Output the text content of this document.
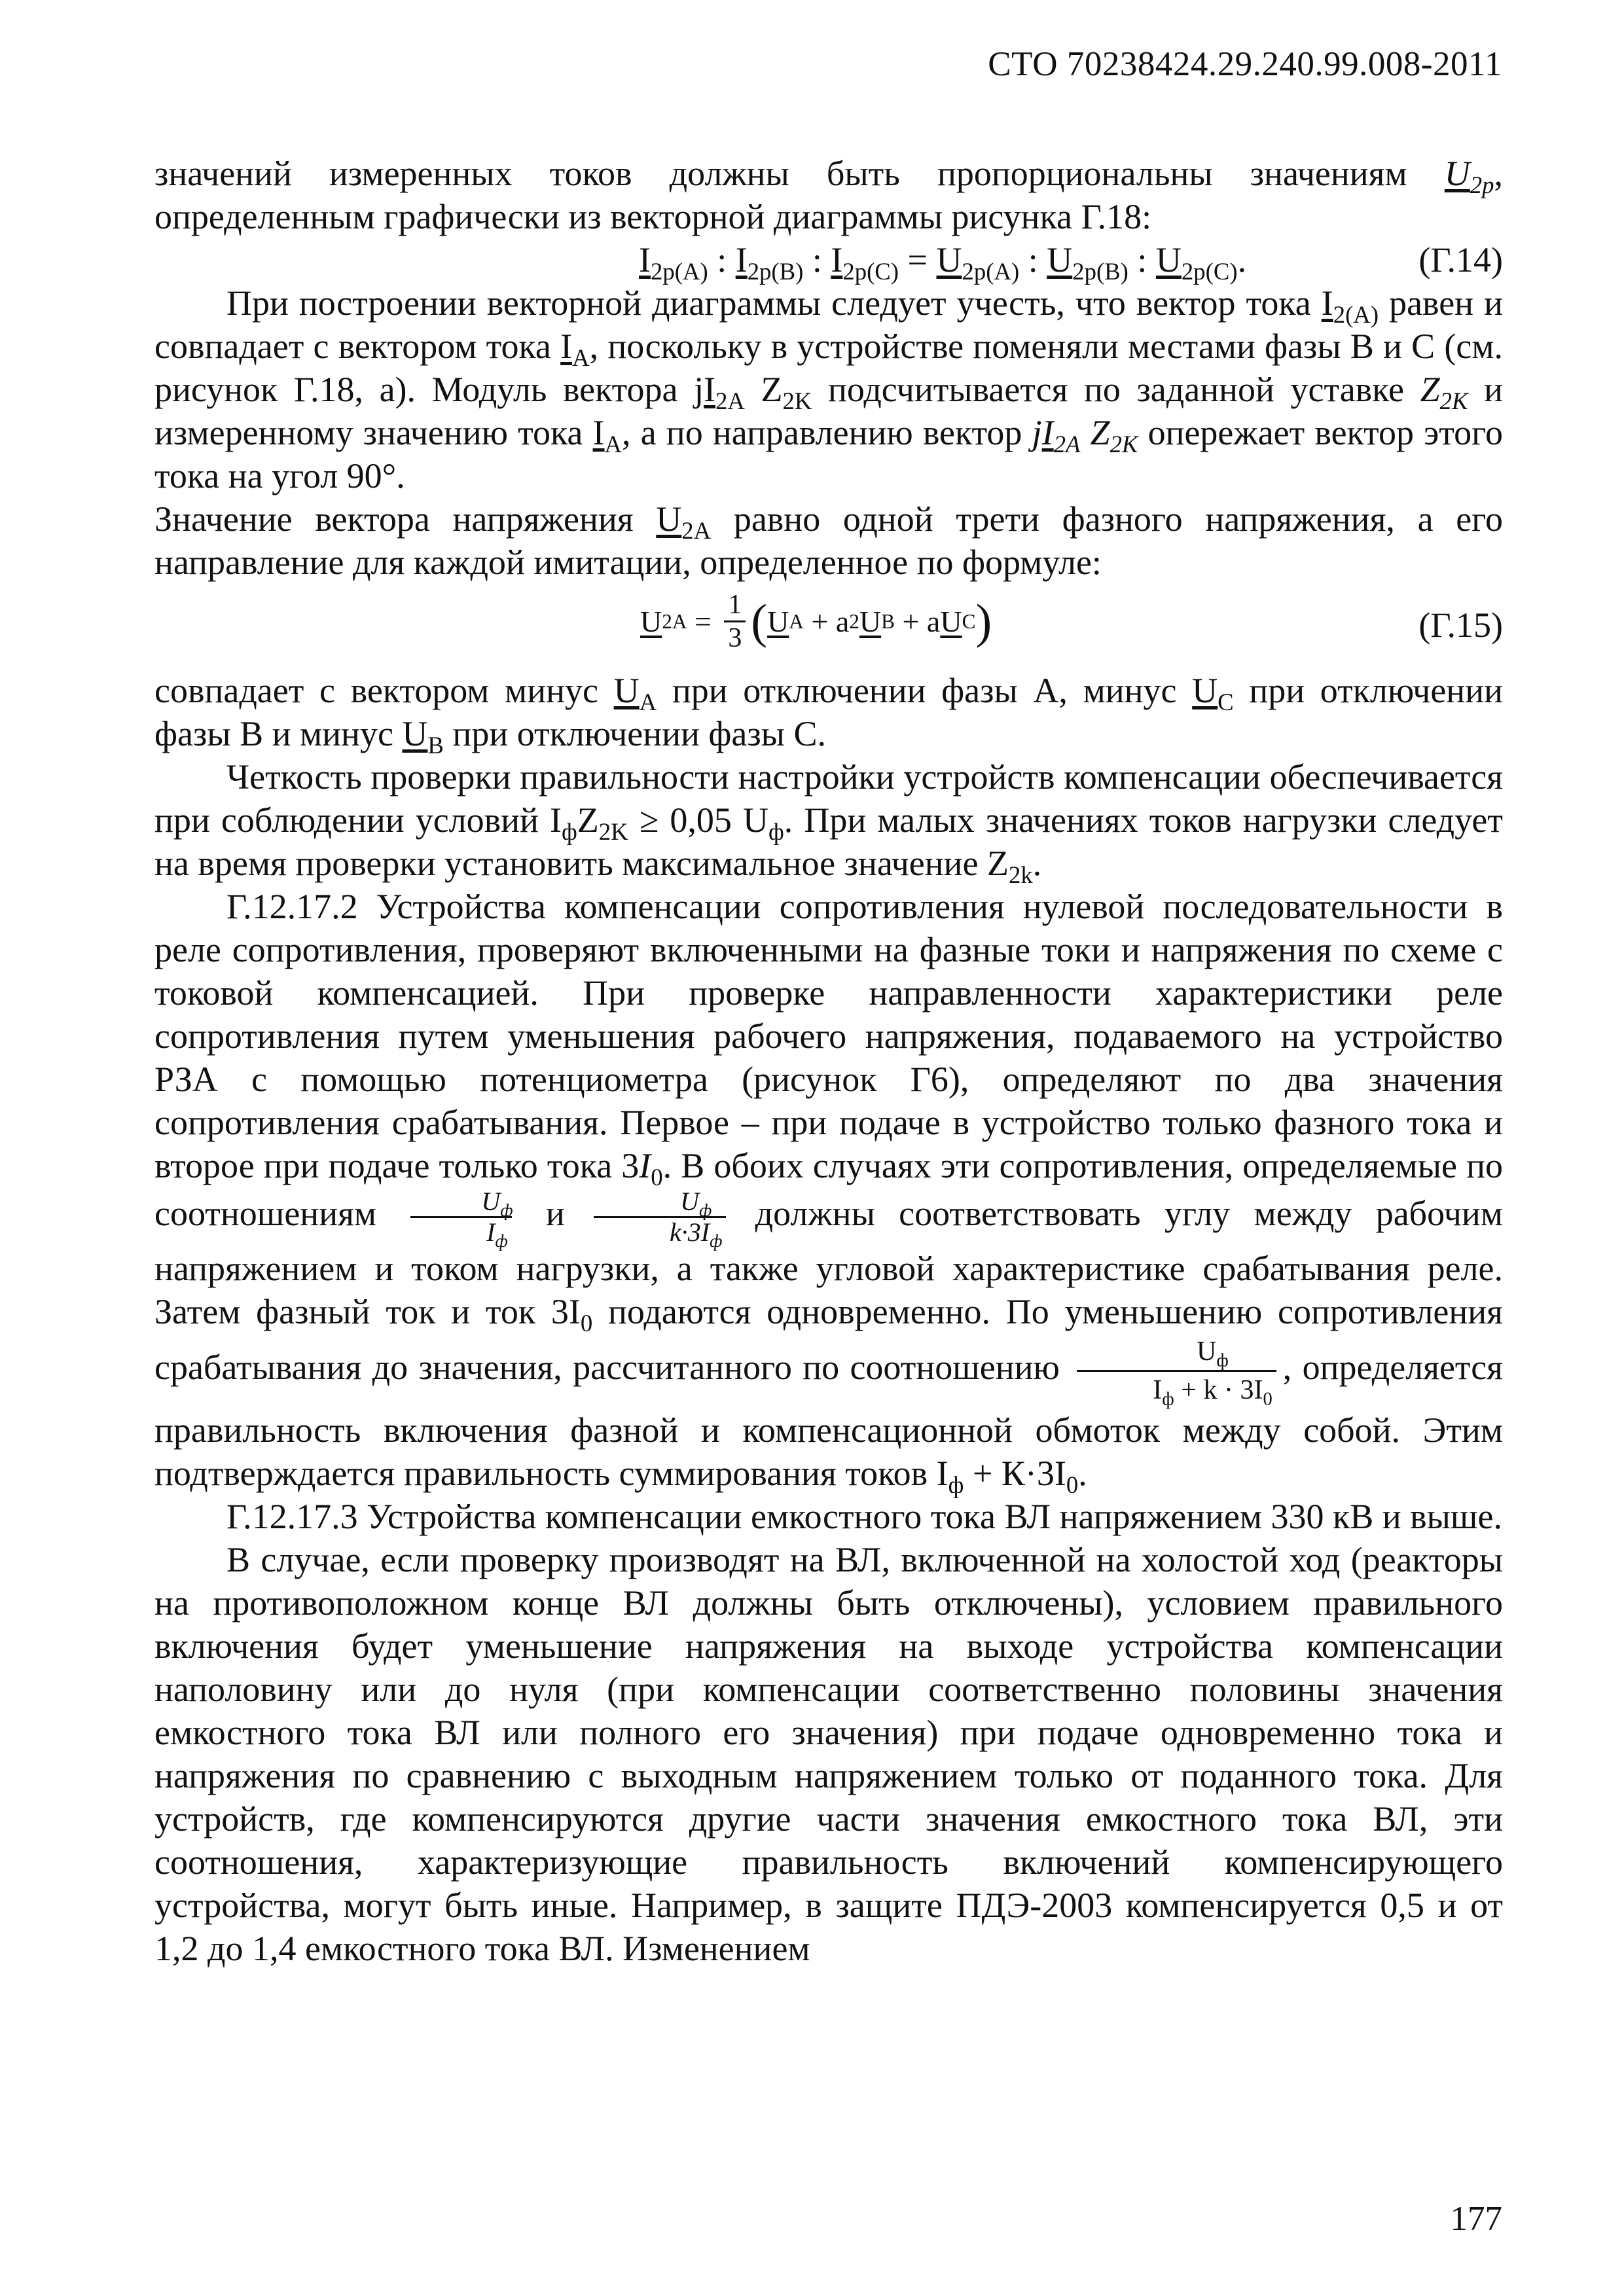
СТО 70238424.29.240.99.008-2011

значений измеренных токов должны быть пропорциональны значениям $U_{2p}$, определенным графически из векторной диаграммы рисунка Г.18:

$I_{2p(A)}$ : $I_{2p(B)}$ : $I_{2p(C)} = U_{2p(A)}$ : $U_{2p(B)}$ : $U_{2p(C)}$.	(Г.14)

При построении векторной диаграммы следует учесть, что вектор тока $I_{2(A)}$ равен и совпадает с вектором тока $I_A$, поскольку в устройстве поменяли местами фазы В и С (см. рисунок Г.18, а). Модуль вектора $jI_{2A}$ $Z_{2K}$ подсчитывается по заданной уставке $Z_{2K}$ и измеренному значению тока $I_A$, а по направлению вектор $jI_{2A}$ $Z_{2K}$ опережает вектор этого тока на угол 90°.

Значение вектора напряжения $U_{2A}$ равно одной трети фазного напряжения, а его направление для каждой имитации, определенное по формуле:

U $2A = \frac{1}{3}$ ( U A + a 2 U B + a U C )	(Г.15)

совпадает с вектором минус $U_A$ при отключении фазы А, минус $U_C$ при отключении фазы В и минус $U_B$ при отключении фазы С.

Четкость проверки правильности настройки устройств компенсации обеспечивается при соблюдении условий $I_фZ_{2K} \ge 0,05$ $U_ф$. При малых значениях токов нагрузки следует на время проверки установить максимальное значение $Z_{2k}$.

Г.12.17.2 Устройства компенсации сопротивления нулевой последовательности в реле сопротивления, проверяют включенными на фазные токи и напряжения по схеме с токовой компенсацией. При проверке направленности характеристики реле сопротивления путем уменьшения рабочего напряжения, подаваемого на устройство РЗА с помощью потенциометра (рисунок Г6), определяют по два значения сопротивления срабатывания. Первое – при подаче в устройство только фазного тока и второе при подаче только тока $3I_0$. В обоих случаях эти сопротивления, определяемые по соотношениям $\frac{U_ф}{I_ф}$ и $\frac{U_ф}{k\cdot 3I_ф}$ должны соответствовать углу между рабочим напряжением и током нагрузки, а также угловой характеристике срабатывания реле. Затем фазный ток и ток $3I_0$ подаются одновременно. По уменьшению сопротивления срабатывания до значения, рассчитанного по соотношению $\frac{U_ф}{I_ф + k \cdot 3I_0}$ , определяется правильность включения фазной и компенсационной обмоток между собой. Этим подтверждается правильность суммирования токов $I_ф + К\cdot 3I_0$.

Г.12.17.3 Устройства компенсации емкостного тока ВЛ напряжением 330 кВ и выше.

В случае, если проверку производят на ВЛ, включенной на холостой ход (реакторы на противоположном конце ВЛ должны быть отключены), условием правильного включения будет уменьшение напряжения на выходе устройства компенсации наполовину или до нуля (при компенсации соответственно половины значения емкостного тока ВЛ или полного его значения) при подаче одновременно тока и напряжения по сравнению с выходным напряжением только от поданного тока. Для устройств, где компенсируются другие части значения емкостного тока ВЛ, эти соотношения, характеризующие правильность включений компенсирующего устройства, могут быть иные. Например, в защите ПДЭ-2003 компенсируется 0,5 и от 1,2 до 1,4 емкостного тока ВЛ. Изменением

177
